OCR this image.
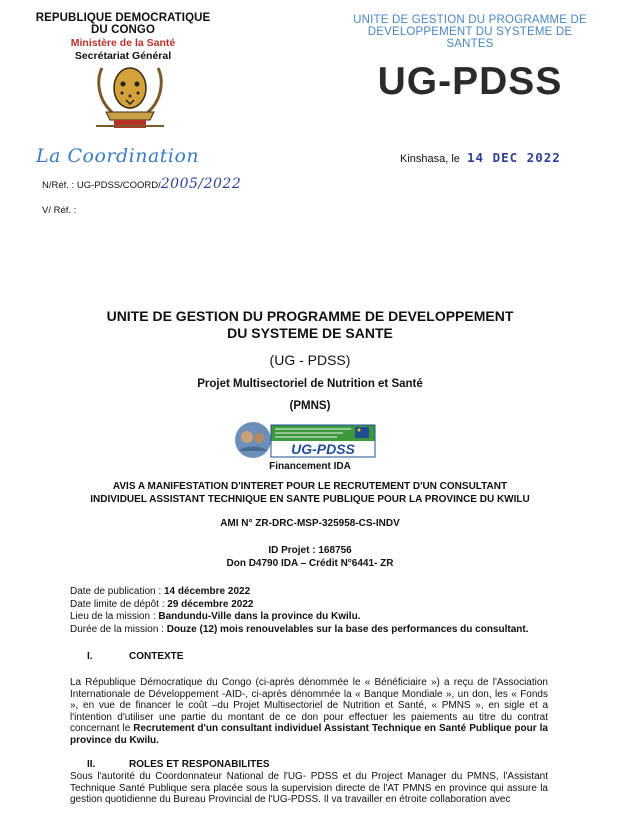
REPUBLIQUE DEMOCRATIQUE DU CONGO
Ministère de la Santé
Secrétariat Général
UNITE DE GESTION DU PROGRAMME DE
DEVELOPPEMENT DU SYSTEME DE SANTES
UG-PDSS
La Coordination	Kinshasa, le 14 DEC 2022
N/Réf. : UG-PDSS/COORD/2005/2022
V/ Réf. :
UNITE DE GESTION DU PROGRAMME DE DEVELOPPEMENT
DU SYSTEME DE SANTE
(UG - PDSS)
Projet Multisectoriel de Nutrition et Santé
(PMNS)
UG-PDSS
Financement IDA
AVIS A MANIFESTATION D'INTERET POUR LE RECRUTEMENT D'UN CONSULTANT
INDIVIDUEL ASSISTANT TECHNIQUE EN SANTE PUBLIQUE POUR LA PROVINCE DU KWILU
AMI N° ZR-DRC-MSP-325958-CS-INDV
ID Projet : 168756
Don D4790 IDA – Crédit N°6441- ZR
Date de publication : 14 décembre 2022
Date limite de dépôt : 29 décembre 2022
Lieu de la mission : Bandundu-Ville dans la province du Kwilu.
Durée de la mission : Douze (12) mois renouvelables sur la base des performances du consultant.
I.	CONTEXTE
La République Démocratique du Congo (ci-après dénommée le « Bénéficiaire ») a reçu de l'Association Internationale de Développement -AID-, ci-après dénommée la « Banque Mondiale », un don, les « Fonds », en vue de financer le coût –du Projet Multisectoriel de Nutrition et Santé, « PMNS », en sigle et a l'intention d'utiliser une partie du montant de ce don pour effectuer les paiements au titre du contrat concernant le Recrutement d'un consultant individuel Assistant Technique en Santé Publique pour la province du Kwilu.
II.	ROLES ET RESPONABILITES
Sous l'autorité du Coordonnateur National de l'UG- PDSS et du Project Manager du PMNS, l'Assistant Technique Santé Publique sera placée sous la supervision directe de l'AT PMNS en province qui assure la gestion quotidienne du Bureau Provincial de l'UG-PDSS. Il va travailler en étroite collaboration avec
